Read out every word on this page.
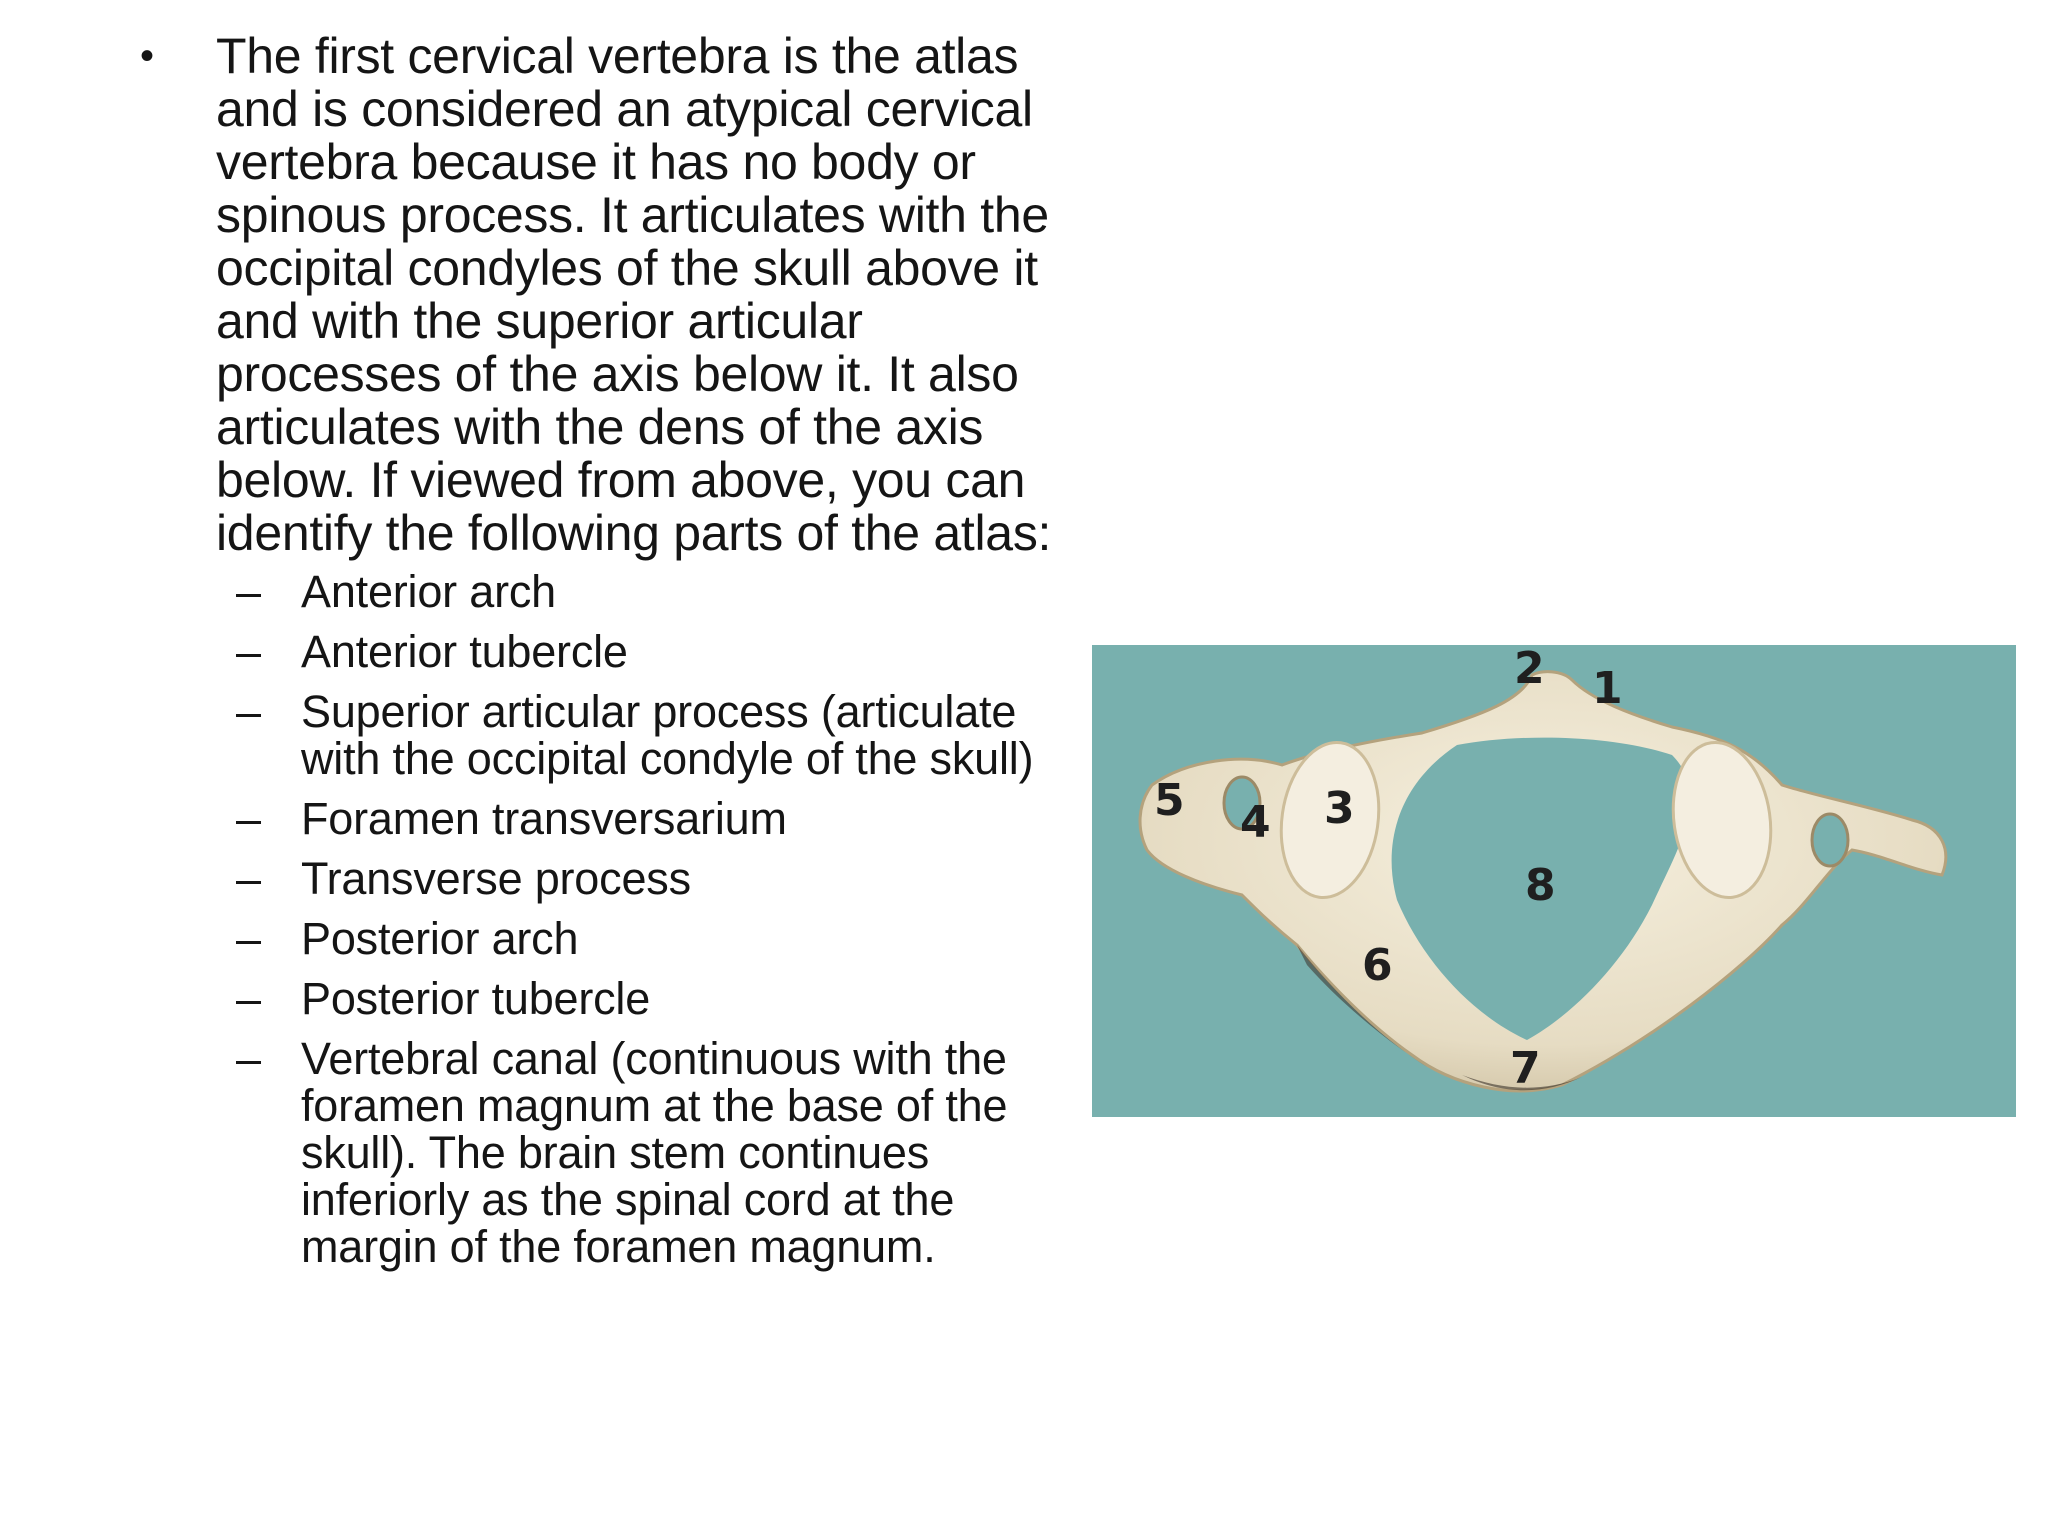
• The first cervical vertebra is the atlas and is considered an atypical cervical vertebra because it has no body or spinous process. It articulates with the occipital condyles of the skull above it and with the superior articular processes of the axis below it. It also articulates with the dens of the axis below. If viewed from above, you can identify the following parts of the atlas:
– Anterior arch
– Anterior tubercle
– Superior articular process (articulate with the occipital condyle of the skull)
– Foramen transversarium
– Transverse process
– Posterior arch
– Posterior tubercle
– Vertebral canal (continuous with the foramen magnum at the base of the skull). The brain stem continues inferiorly as the spinal cord at the margin of the foramen magnum.
1
2
3
4
5
6
7
8
